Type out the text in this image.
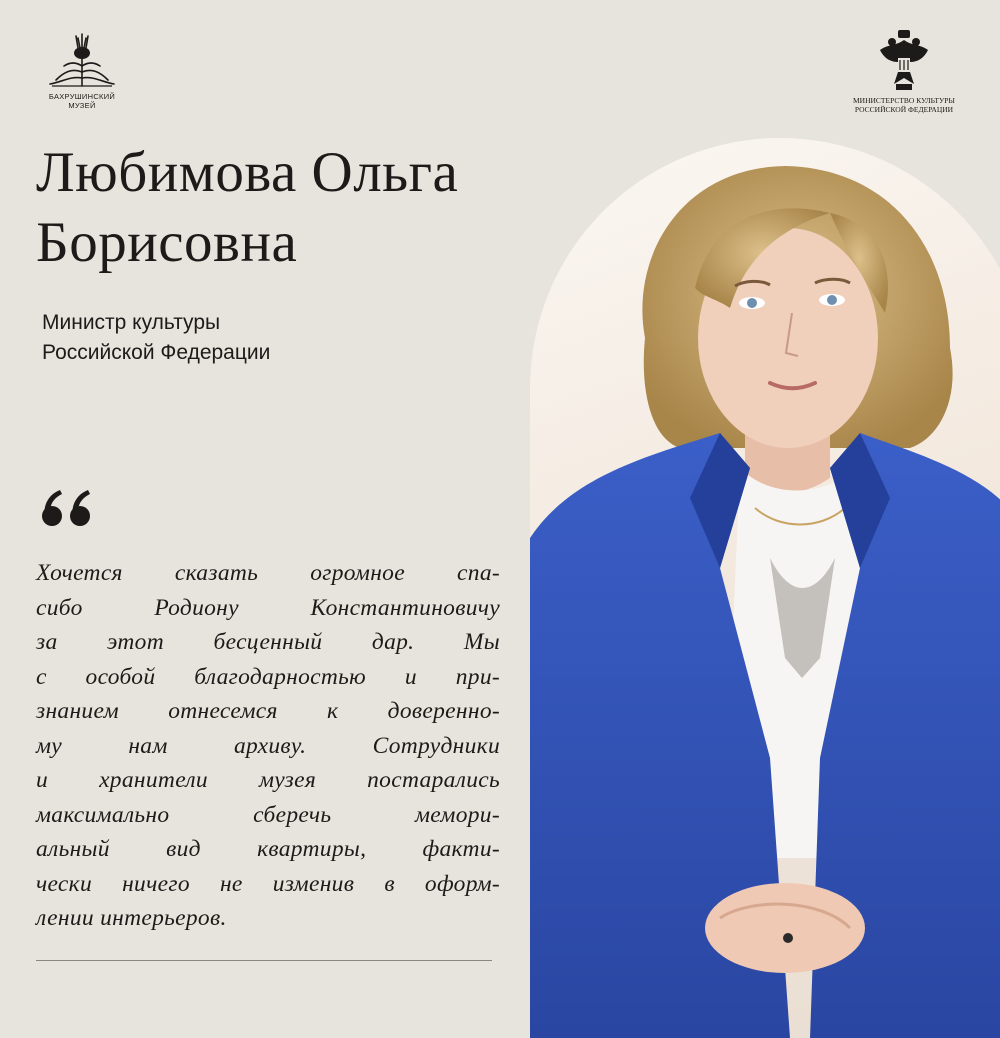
БАХРУШИНСКИЙ
МУЗЕЙ
МИНИСТЕРСТВО КУЛЬТУРЫ
РОССИЙСКОЙ ФЕДЕРАЦИИ
Любимова Ольга
Борисовна
Министр культуры
Российской Федерации
Хочется сказать огромное спа-
сибо Родиону Константиновичу
за этот бесценный дар. Мы
с особой благодарностью и при-
знанием отнесемся к доверенно-
му нам архиву. Сотрудники
и хранители музея постарались
максимально сберечь мемори-
альный вид квартиры, факти-
чески ничего не изменив в оформ-
лении интерьеров.
